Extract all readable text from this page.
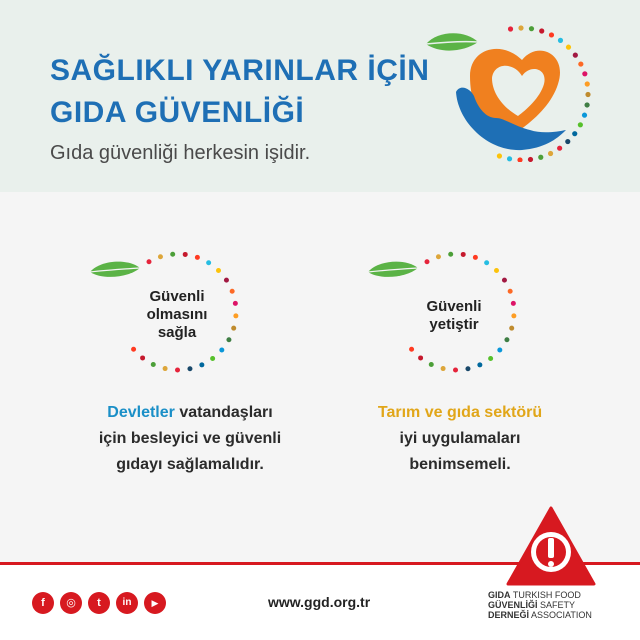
SAĞLIKLI YARINLAR İÇİN
GIDA GÜVENLİĞİ
Gıda güvenliği herkesin işidir.
Güvenli
olmasını
sağla
Güvenli
yetiştir
Devletler vatandaşları
için besleyici ve güvenli
gıdayı sağlamalıdır.
Tarım ve gıda sektörü
iyi uygulamaları
benimsemeli.
f	◎	t	in	▶	www.ggd.org.tr	GIDA TURKISH FOOD
GÜVENLİĞİ SAFETY
DERNEĞİ ASSOCIATION
